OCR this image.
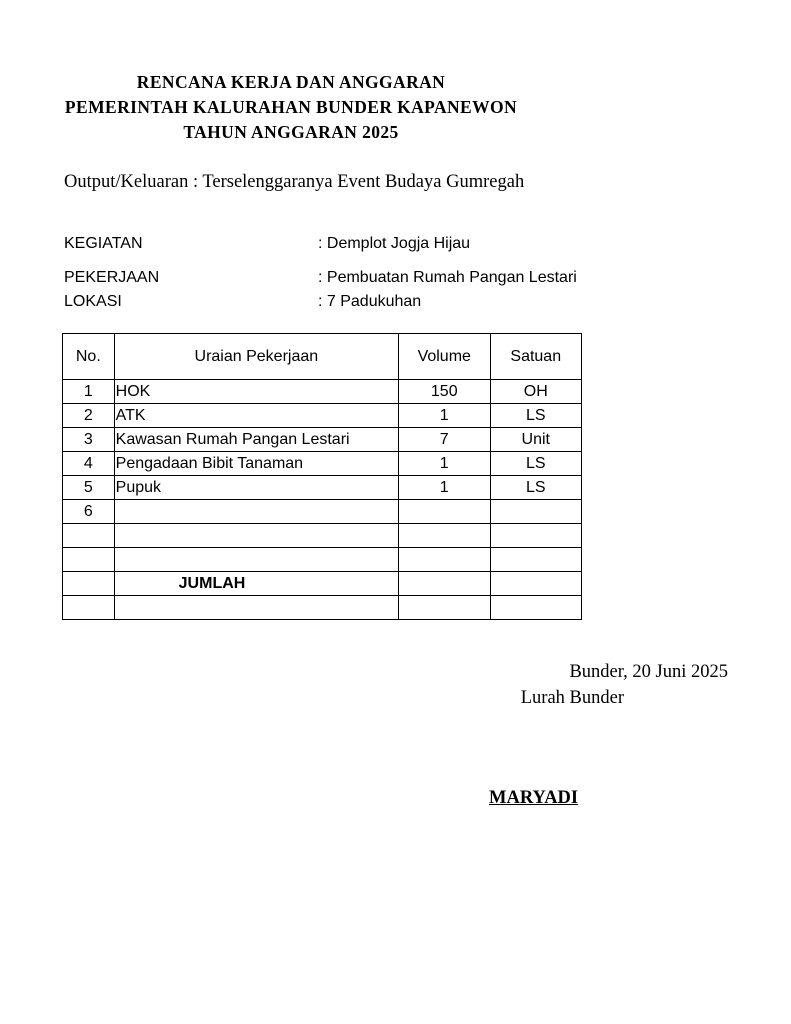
RENCANA KERJA DAN ANGGARAN
PEMERINTAH KALURAHAN BUNDER KAPANEWON
TAHUN ANGGARAN 2025
Output/Keluaran : Terselenggaranya Event Budaya Gumregah
KEGIATAN	: Demplot Jogja Hijau
PEKERJAAN	: Pembuatan Rumah Pangan Lestari
LOKASI	: 7 Padukuhan
No.	Uraian Pekerjaan	Volume	Satuan
1	HOK	150	OH
2	ATK	1	LS
3	Kawasan Rumah Pangan Lestari	7	Unit
4	Pengadaan Bibit Tanaman	1	LS
5	Pupuk	1	LS
6			

	JUMLAH		

Bunder, 20 Juni 2025
Lurah Bunder
MARYADI
